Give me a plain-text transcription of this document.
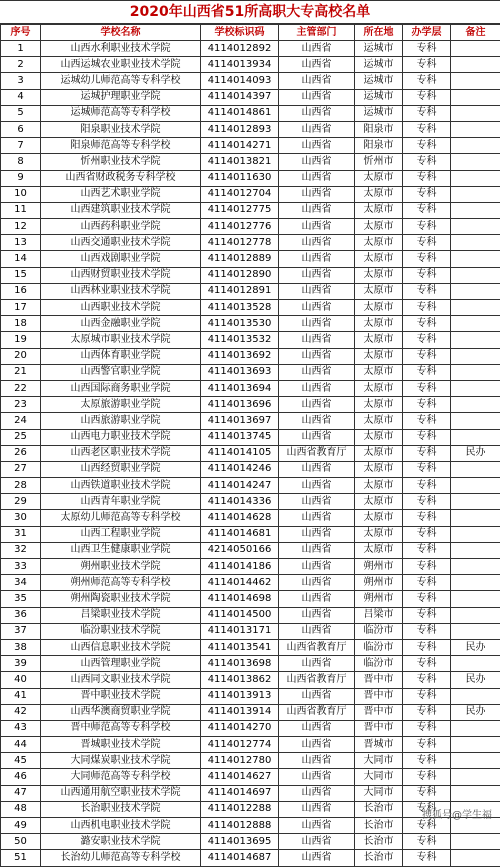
2020年山西省51所高职大专高校名单
序号	学校名称	学校标识码	主管部门	所在地	办学层	备注
1	山西水利职业技术学院	4114012892	山西省	运城市	专科	
2	山西运城农业职业技术学院	4114013934	山西省	运城市	专科	
3	运城幼儿师范高等专科学校	4114014093	山西省	运城市	专科	
4	运城护理职业学院	4114014397	山西省	运城市	专科	
5	运城师范高等专科学校	4114014861	山西省	运城市	专科	
6	阳泉职业技术学院	4114012893	山西省	阳泉市	专科	
7	阳泉师范高等专科学校	4114014271	山西省	阳泉市	专科	
8	忻州职业技术学院	4114013821	山西省	忻州市	专科	
9	山西省财政税务专科学校	4114011630	山西省	太原市	专科	
10	山西艺术职业学院	4114012704	山西省	太原市	专科	
11	山西建筑职业技术学院	4114012775	山西省	太原市	专科	
12	山西药科职业学院	4114012776	山西省	太原市	专科	
13	山西交通职业技术学院	4114012778	山西省	太原市	专科	
14	山西戏剧职业学院	4114012889	山西省	太原市	专科	
15	山西财贸职业技术学院	4114012890	山西省	太原市	专科	
16	山西林业职业技术学院	4114012891	山西省	太原市	专科	
17	山西职业技术学院	4114013528	山西省	太原市	专科	
18	山西金融职业学院	4114013530	山西省	太原市	专科	
19	太原城市职业技术学院	4114013532	山西省	太原市	专科	
20	山西体育职业学院	4114013692	山西省	太原市	专科	
21	山西警官职业学院	4114013693	山西省	太原市	专科	
22	山西国际商务职业学院	4114013694	山西省	太原市	专科	
23	太原旅游职业学院	4114013696	山西省	太原市	专科	
24	山西旅游职业学院	4114013697	山西省	太原市	专科	
25	山西电力职业技术学院	4114013745	山西省	太原市	专科	
26	山西老区职业技术学院	4114014105	山西省教育厅	太原市	专科	民办
27	山西经贸职业学院	4114014246	山西省	太原市	专科	
28	山西铁道职业技术学院	4114014247	山西省	太原市	专科	
29	山西青年职业学院	4114014336	山西省	太原市	专科	
30	太原幼儿师范高等专科学校	4114014628	山西省	太原市	专科	
31	山西工程职业学院	4114014681	山西省	太原市	专科	
32	山西卫生健康职业学院	4214050166	山西省	太原市	专科	
33	朔州职业技术学院	4114014186	山西省	朔州市	专科	
34	朔州师范高等专科学校	4114014462	山西省	朔州市	专科	
35	朔州陶瓷职业技术学院	4114014698	山西省	朔州市	专科	
36	吕梁职业技术学院	4114014500	山西省	吕梁市	专科	
37	临汾职业技术学院	4114013171	山西省	临汾市	专科	
38	山西信息职业技术学院	4114013541	山西省教育厅	临汾市	专科	民办
39	山西管理职业学院	4114013698	山西省	临汾市	专科	
40	山西同文职业技术学院	4114013862	山西省教育厅	晋中市	专科	民办
41	晋中职业技术学院	4114013913	山西省	晋中市	专科	
42	山西华澳商贸职业学院	4114013914	山西省教育厅	晋中市	专科	民办
43	晋中师范高等专科学校	4114014270	山西省	晋中市	专科	
44	晋城职业技术学院	4114012774	山西省	晋城市	专科	
45	大同煤炭职业技术学院	4114012780	山西省	大同市	专科	
46	大同师范高等专科学校	4114014627	山西省	大同市	专科	
47	山西通用航空职业技术学院	4114014697	山西省	大同市	专科	
48	长治职业技术学院	4114012288	山西省	长治市	专科	
49	山西机电职业技术学院	4114012888	山西省	长治市	专科	
50	潞安职业技术学院	4114013695	山西省	长治市	专科	
51	长治幼儿师范高等专科学校	4114014687	山西省	长治市	专科	
搜狐号@学生福
